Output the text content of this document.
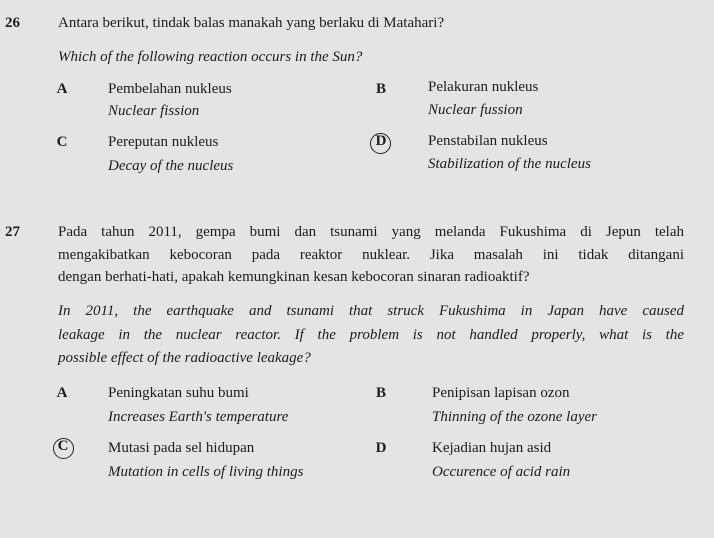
26	Antara berikut, tindak balas manakah yang berlaku di Matahari?
Which of the following reaction occurs in the Sun?
A	Pembelahan nukleus
Nuclear fission
B	Pelakuran nukleus
Nuclear fussion
C	Pereputan nukleus
Decay of the nucleus
D	Penstabilan nukleus
Stabilization of the nucleus
27	Pada tahun 2011, gempa bumi dan tsunami yang melanda Fukushima di Jepun telah
mengakibatkan kebocoran pada reaktor nuklear. Jika masalah ini tidak ditangani
dengan berhati-hati, apakah kemungkinan kesan kebocoran sinaran radioaktif?
In 2011, the earthquake and tsunami that struck Fukushima in Japan have caused
leakage in the nuclear reactor. If the problem is not handled properly, what is the
possible effect of the radioactive leakage?
A	Peningkatan suhu bumi
Increases Earth's temperature
B	Penipisan lapisan ozon
Thinning of the ozone layer
C	Mutasi pada sel hidupan
Mutation in cells of living things
D	Kejadian hujan asid
Occurence of acid rain
